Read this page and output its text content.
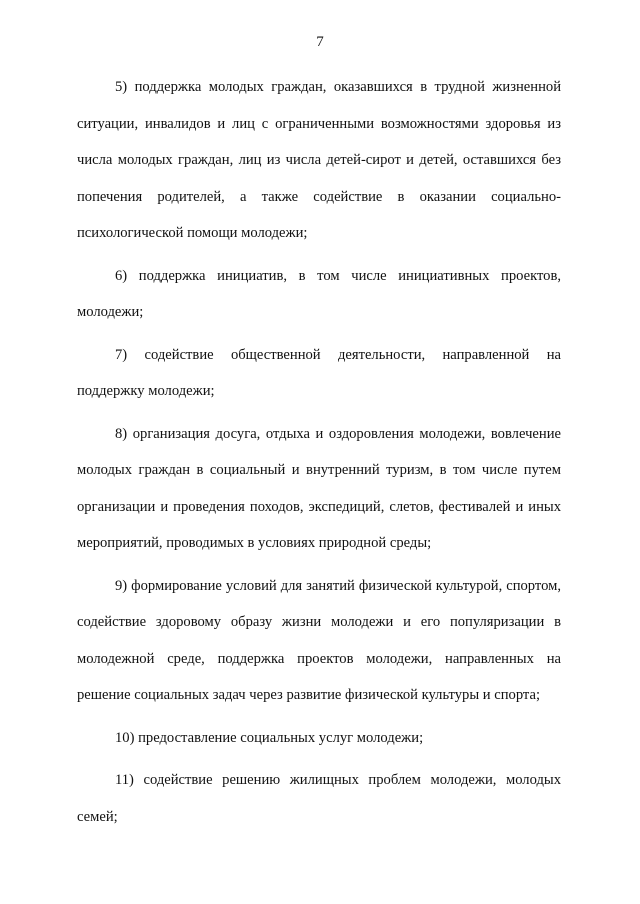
7

5) поддержка молодых граждан, оказавшихся в трудной жизненной ситуации, инвалидов и лиц с ограниченными возможностями здоровья из числа молодых граждан, лиц из числа детей-сирот и детей, оставшихся без попечения родителей, а также содействие в оказании социально-психологической помощи молодежи;

6) поддержка инициатив, в том числе инициативных проектов, молодежи;

7) содействие общественной деятельности, направленной на поддержку молодежи;

8) организация досуга, отдыха и оздоровления молодежи, вовлечение молодых граждан в социальный и внутренний туризм, в том числе путем организации и проведения походов, экспедиций, слетов, фестивалей и иных мероприятий, проводимых в условиях природной среды;

9) формирование условий для занятий физической культурой, спортом, содействие здоровому образу жизни молодежи и его популяризации в молодежной среде, поддержка проектов молодежи, направленных на решение социальных задач через развитие физической культуры и спорта;

10) предоставление социальных услуг молодежи;

11) содействие решению жилищных проблем молодежи, молодых семей;
